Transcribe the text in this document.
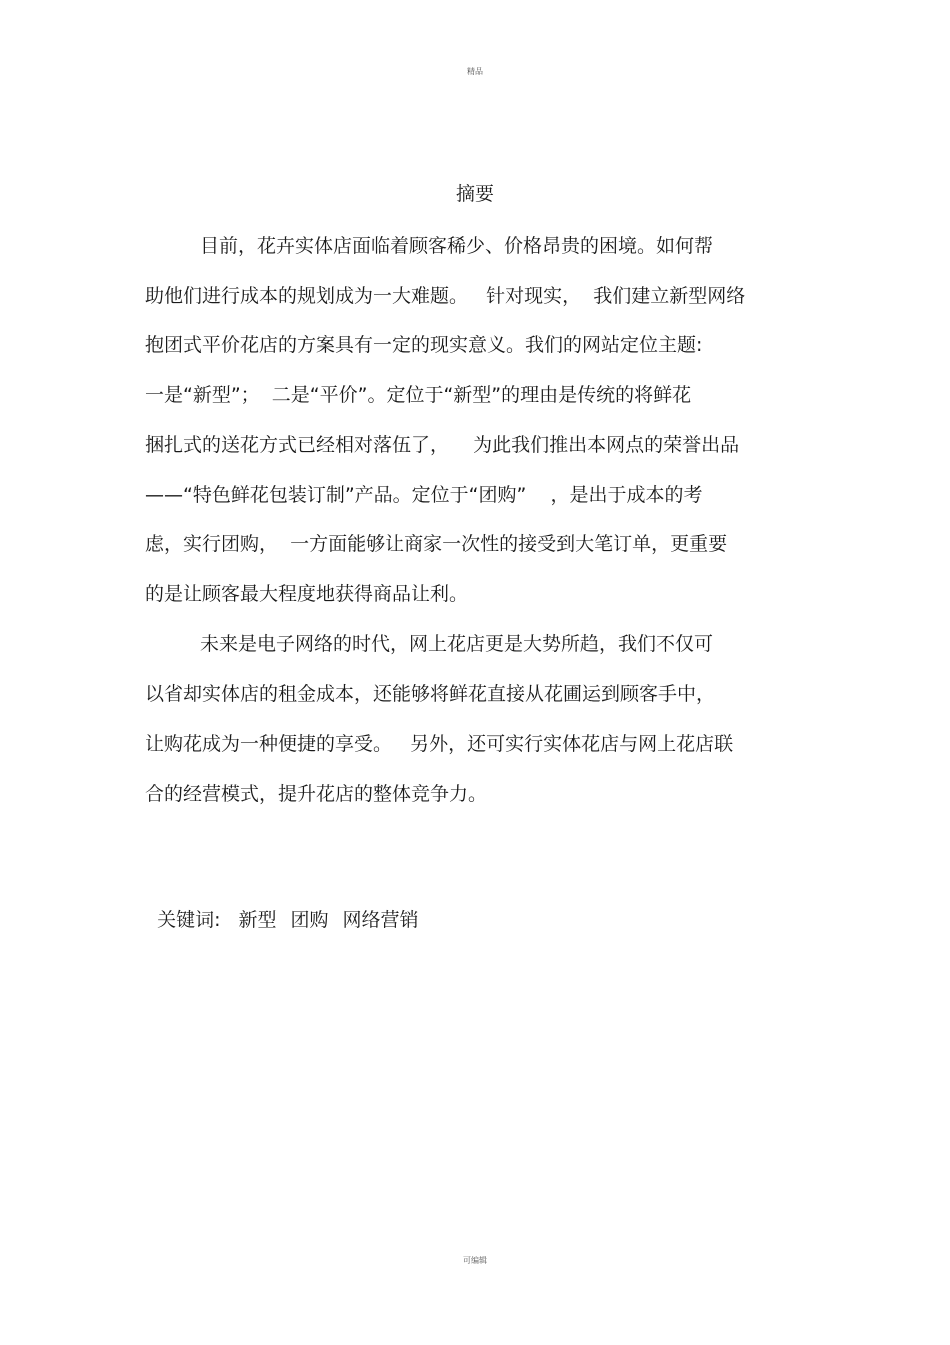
精品
摘要
目前，花卉实体店面临着顾客稀少、价格昂贵的困境。如何帮
助他们进行成本的规划成为一大难题。   针对现实，  我们建立新型网络
抱团式平价花店的方案具有一定的现实意义。我们的网站定位主题:
一是“新型”；  二是“平价”。定位于“新型”的理由是传统的将鲜花
捆扎式的送花方式已经相对落伍了，    为此我们推出本网点的荣誉出品
——“特色鲜花包装订制”产品。定位于“团购”    ，是出于成本的考
虑，实行团购，  一方面能够让商家一次性的接受到大笔订单，更重要
的是让顾客最大程度地获得商品让利。
未来是电子网络的时代，网上花店更是大势所趋，我们不仅可
以省却实体店的租金成本，还能够将鲜花直接从花圃运到顾客手中，
让购花成为一种便捷的享受。   另外，还可实行实体花店与网上花店联
合的经营模式，提升花店的整体竞争力。

关键词: 新型 团购 网络营销

可编辑
